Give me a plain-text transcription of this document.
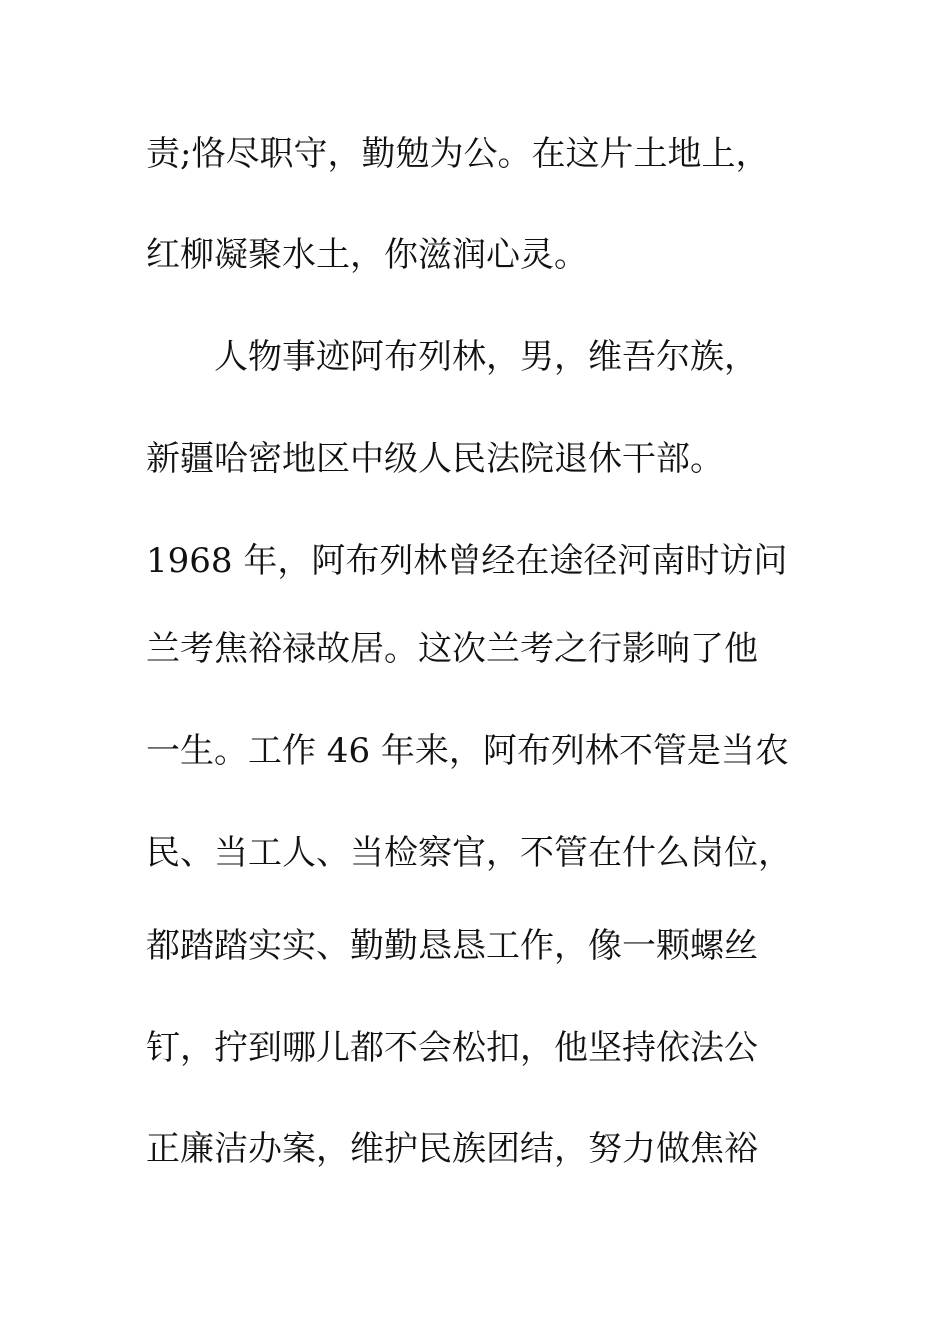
责;恪尽职守，勤勉为公。在这片土地上，
红柳凝聚水土，你滋润心灵。
人物事迹阿布列林，男，维吾尔族，
新疆哈密地区中级人民法院退休干部。
1968 年，阿布列林曾经在途径河南时访问
兰考焦裕禄故居。这次兰考之行影响了他
一生。工作 46 年来，阿布列林不管是当农
民、当工人、当检察官，不管在什么岗位，
都踏踏实实、勤勤恳恳工作，像一颗螺丝
钉，拧到哪儿都不会松扣，他坚持依法公
正廉洁办案，维护民族团结，努力做焦裕
